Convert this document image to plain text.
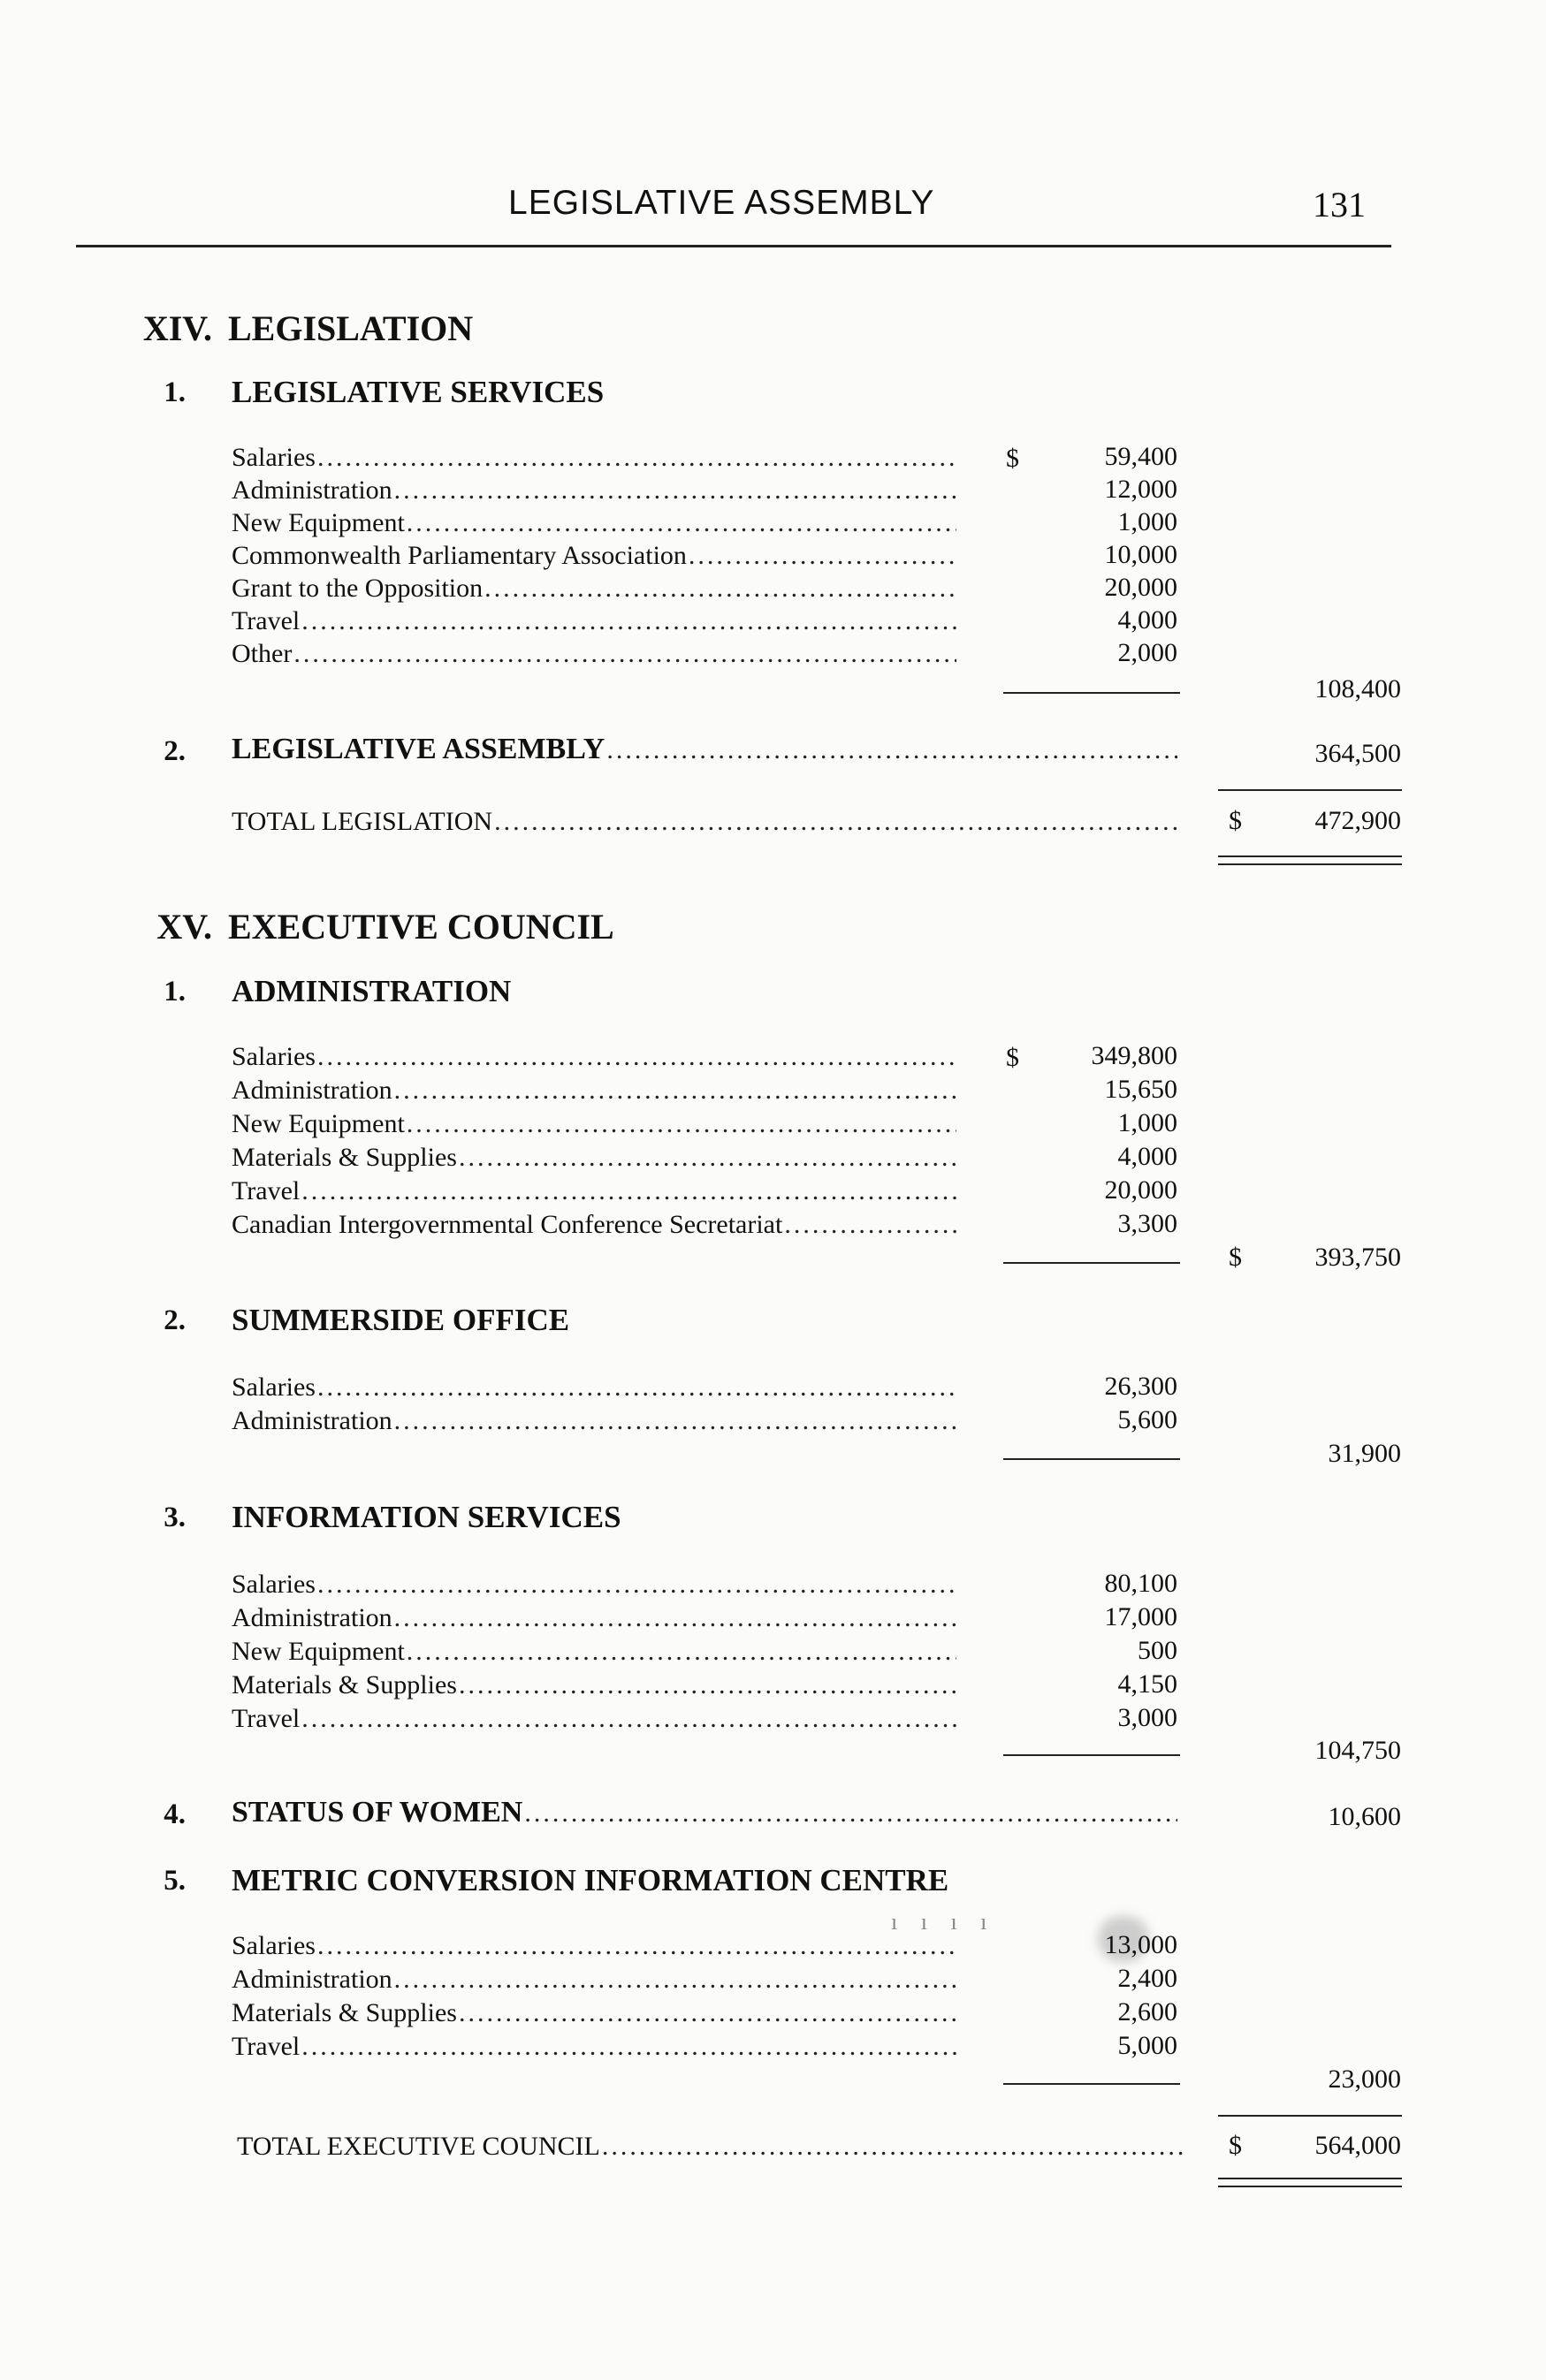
LEGISLATIVE ASSEMBLY	131
XIV. LEGISLATION
1. LEGISLATIVE SERVICES
$
Salaries .....	59,400
Administration .....	12,000
New Equipment .....	1,000
Commonwealth Parliamentary Association .....	10,000
Grant to the Opposition .....	20,000
Travel .....	4,000
Other .....	2,000
108,400
2. LEGISLATIVE ASSEMBLY .....	364,500
TOTAL LEGISLATION .....	$	472,900
XV. EXECUTIVE COUNCIL
1. ADMINISTRATION
$
Salaries .....	349,800
Administration .....	15,650
New Equipment .....	1,000
Materials & Supplies .....	4,000
Travel .....	20,000
Canadian Intergovernmental Conference Secretariat .....	3,300
$	393,750
2. SUMMERSIDE OFFICE
Salaries .....	26,300
Administration .....	5,600
31,900
3. INFORMATION SERVICES
Salaries .....	80,100
Administration .....	17,000
New Equipment .....	500
Materials & Supplies .....	4,150
Travel .....	3,000
104,750
4. STATUS OF WOMEN .....	10,600
5. METRIC CONVERSION INFORMATION CENTRE
ı ı ı ı
Salaries .....	13,000
Administration .....	2,400
Materials & Supplies .....	2,600
Travel .....	5,000
23,000
TOTAL EXECUTIVE COUNCIL .....	$	564,000
